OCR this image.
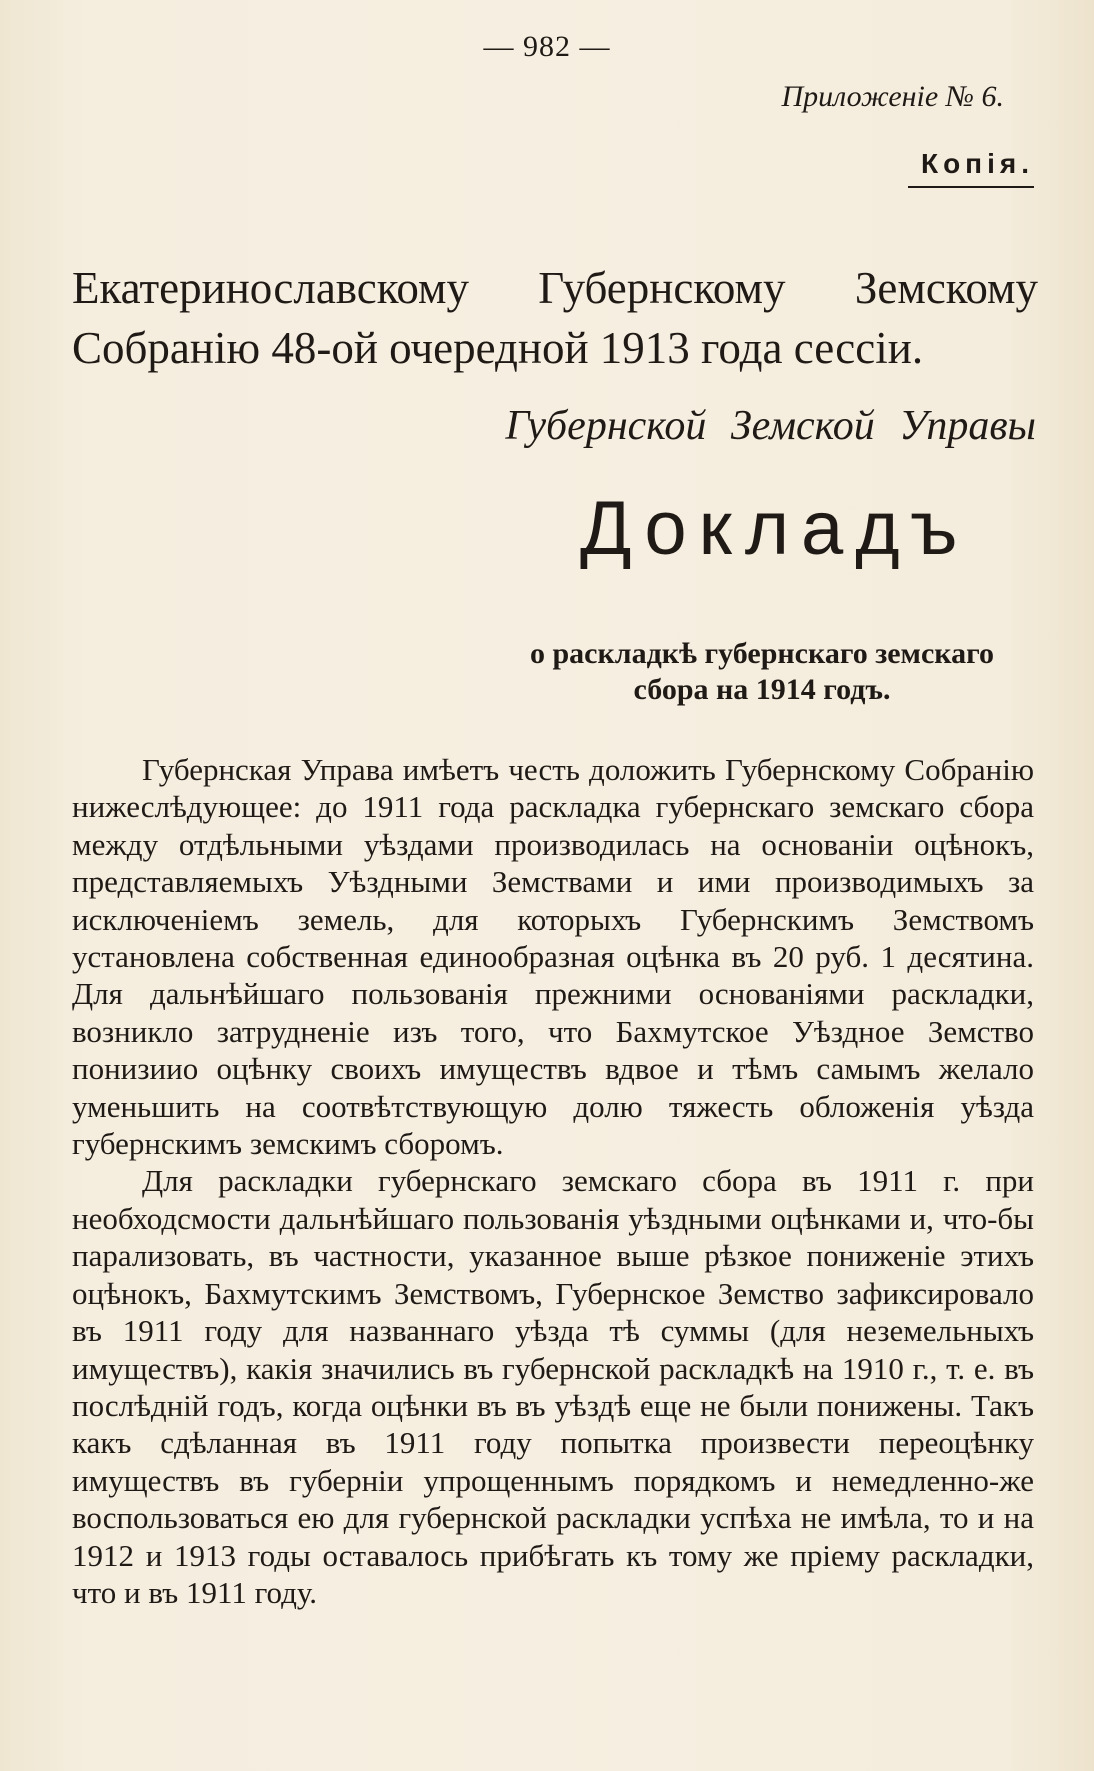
— 982 —
Приложенiе № 6.
Копiя.
Екатеринославскому Губернскому Земскому
Собранiю 48-ой очередной 1913 года сессiи.
Губернской Земской Управы
Докладъ
о раскладкѣ губернскаго земскаго
сбора на 1914 годъ.

Губернская Управа имѣетъ честь доложить Губернскому Собранiю нижеслѣдующее: до 1911 года раскладка губернскаго земскаго сбора между отдѣльными уѣздами производилась на основанiи оцѣнокъ, представляемыхъ Уѣздными Земствами и ими производимыхъ за исключенiемъ земель, для которыхъ Губернскимъ Земствомъ установлена собственная единообразная оцѣнка въ 20 руб. 1 десятина. Для дальнѣйшаго пользованiя прежними основанiями раскладки, возникло затрудненiе изъ того, что Бахмутское Уѣздное Земство понизиио оцѣнку своихъ имуществъ вдвое и тѣмъ самымъ желало уменьшить на соотвѣтствующую долю тяжесть обложенiя уѣзда губернскимъ земскимъ сборомъ.

Для раскладки губернскаго земскаго сбора въ 1911 г. при необходсмости дальнѣйшаго пользованiя уѣздными оцѣнками и, что-бы парализовать, въ частности, указанное выше рѣзкое пониженiе этихъ оцѣнокъ, Бахмутскимъ Земствомъ, Губернское Земство зафиксировало въ 1911 году для названнаго уѣзда тѣ суммы (для неземельныхъ имуществъ), какiя значились въ губернской раскладкѣ на 1910 г., т. е. въ послѣднiй годъ, когда оцѣнки въ въ уѣздѣ еще не были понижены. Такъ какъ сдѣланная въ 1911 году попытка произвести переоцѣнку имуществъ въ губернiи упрощеннымъ порядкомъ и немедленно-же воспользоваться ею для губернской раскладки успѣха не имѣла, то и на 1912 и 1913 годы оставалось прибѣгать къ тому же прiему раскладки, что и въ 1911 году.
